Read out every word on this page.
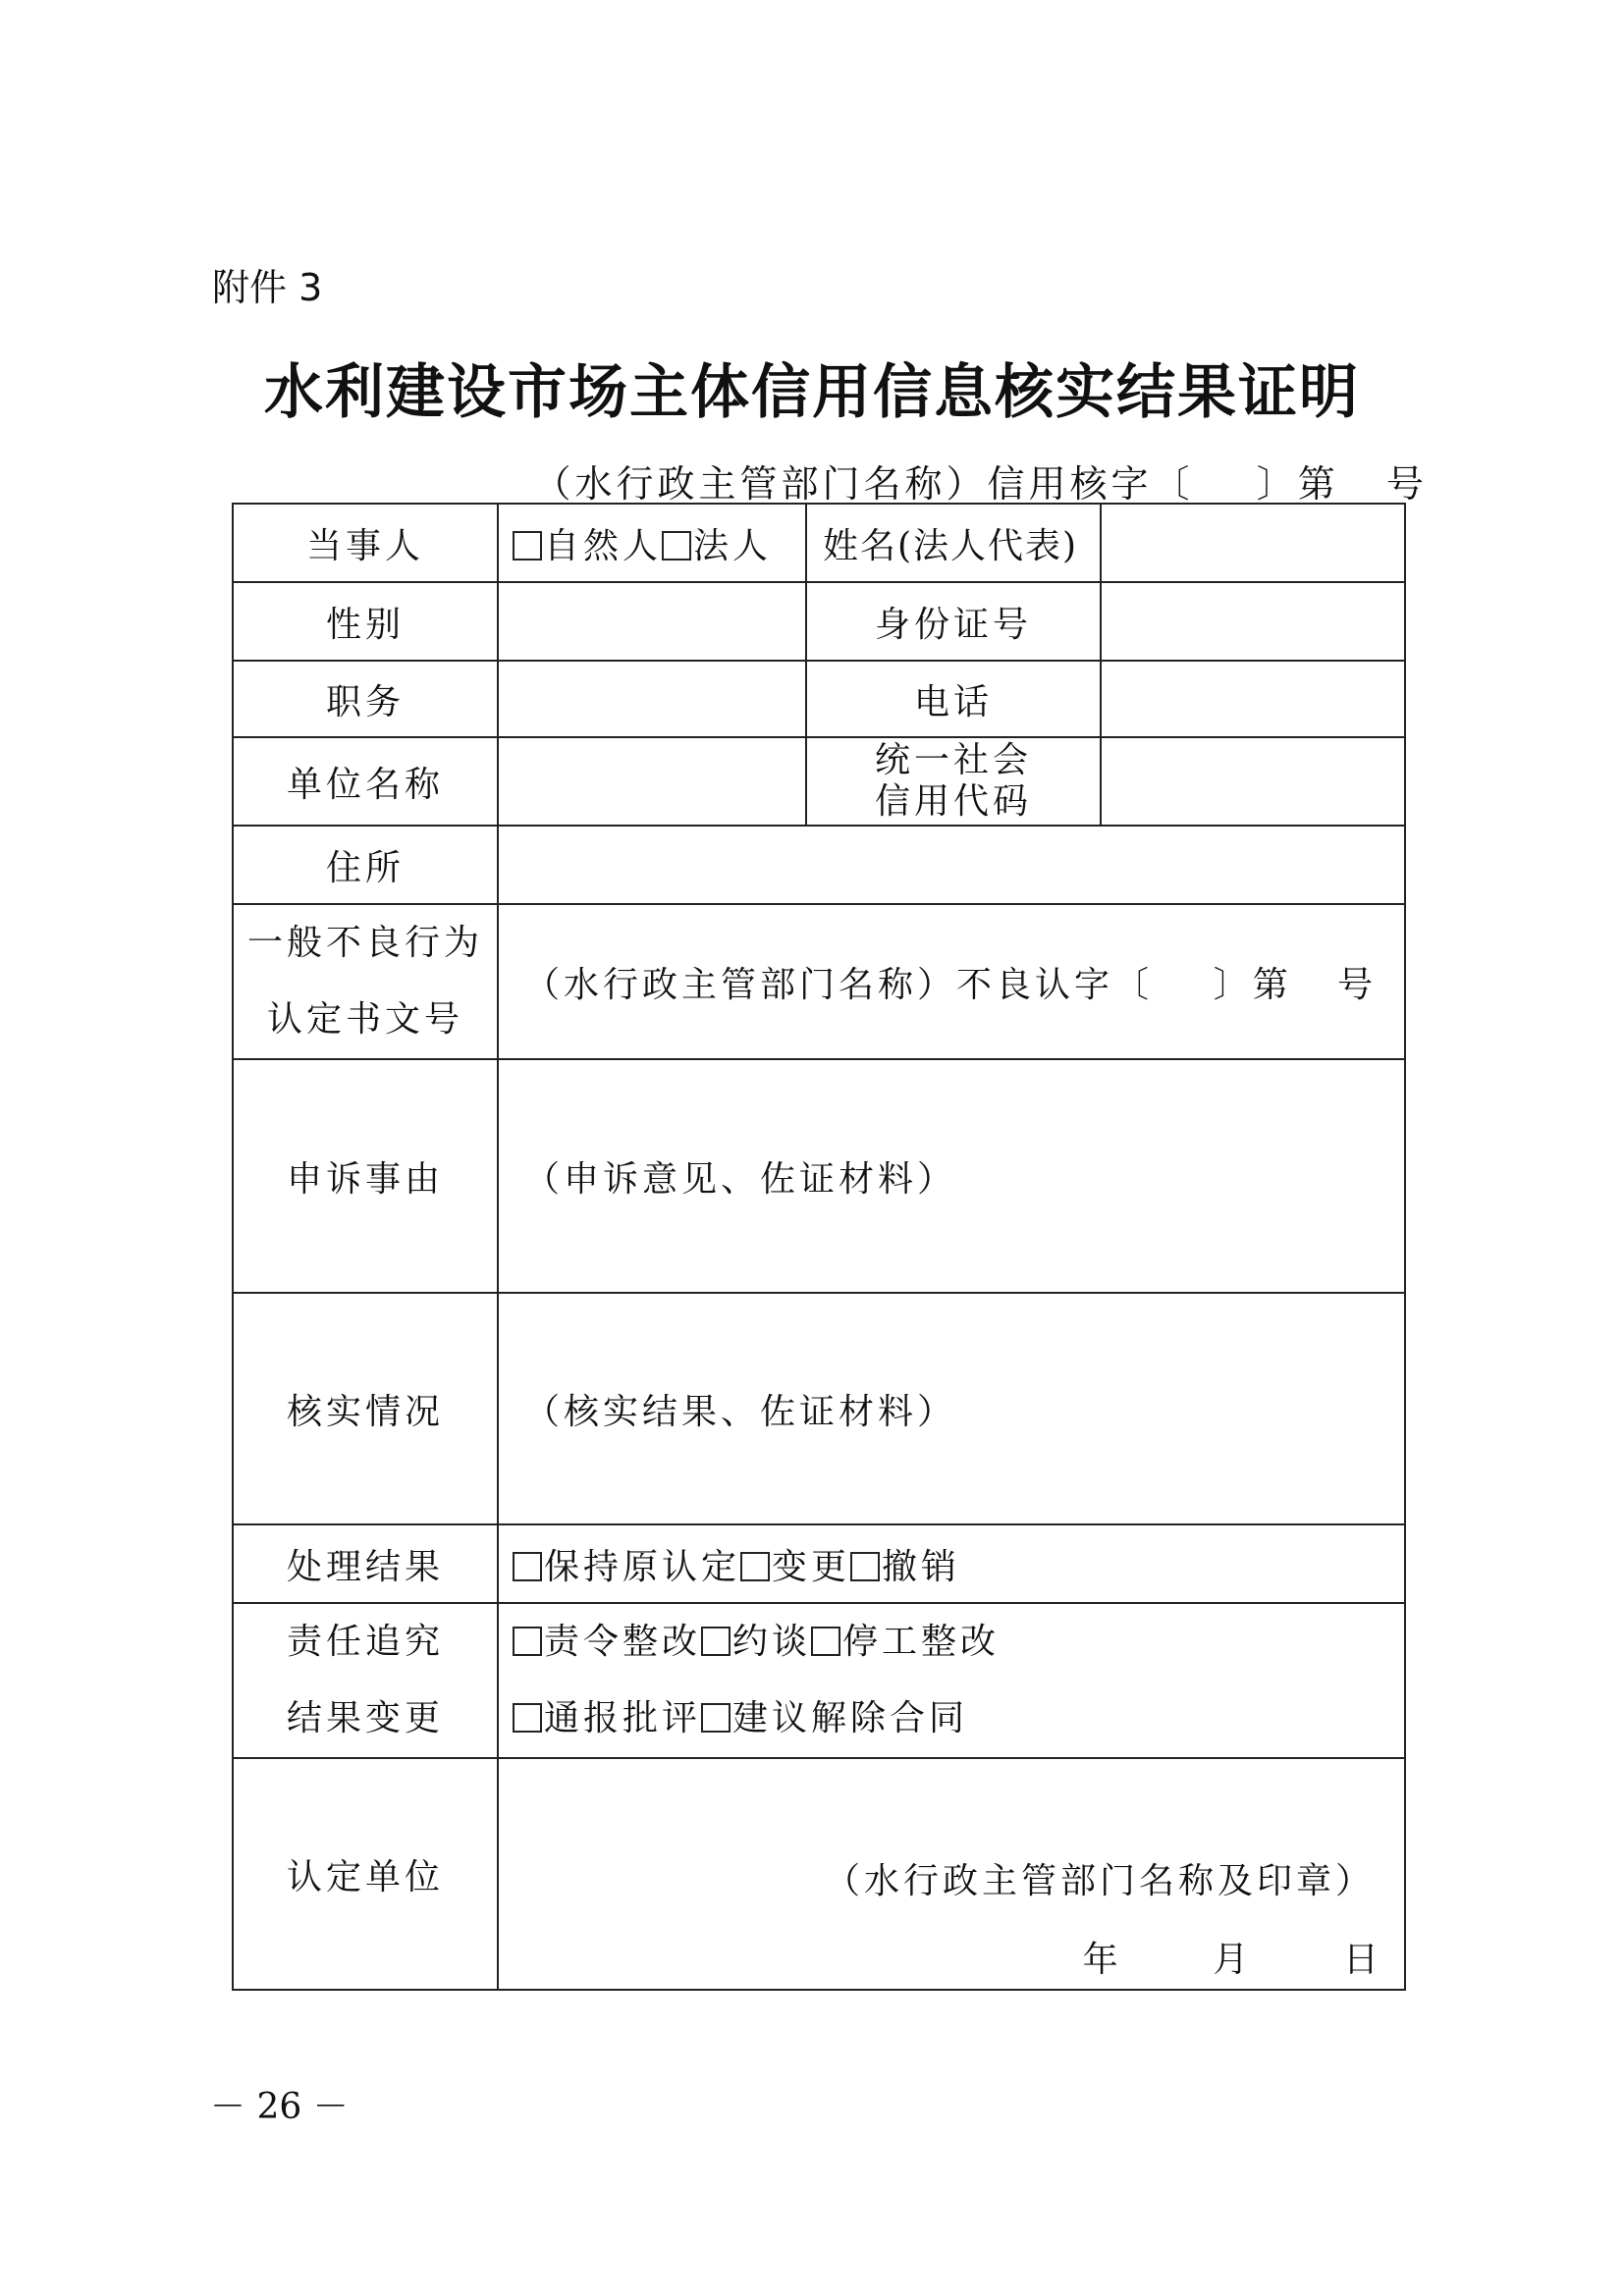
附件 3
水利建设市场主体信用信息核实结果证明
（水行政主管部门名称）信用核字〔    〕第   号
当事人	自然人 法人	姓名(法人代表)	
性别		身份证号	
职务		电话	
单位名称		统一社会
信用代码	

住所			

一般不良行为
认定书文号	（水行政主管部门名称）不良认字〔    〕第   号		
申诉事由	（申诉意见、佐证材料）		
核实情况	（核实结果、佐证材料）		
处理结果	保持原认定 变更 撤销		

责任追究
结果变更	责令整改 约谈 停工整改
通报批评 建议解除合同		

认定单位	（水行政主管部门名称及印章）
年      月      日		
－ 26 －
